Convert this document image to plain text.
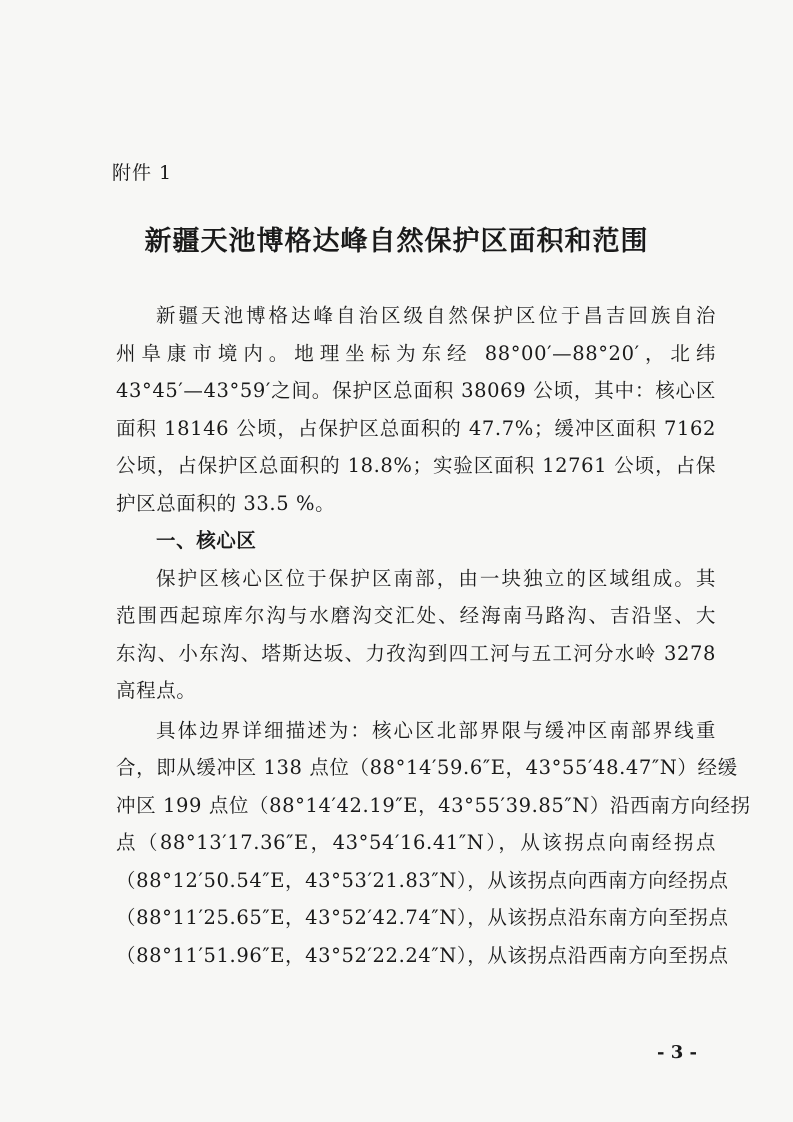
附件 1
新疆天池博格达峰自然保护区面积和范围
新疆天池博格达峰自治区级自然保护区位于昌吉回族自治
州阜康市境内。地理坐标为东经 88°00′—88°20′，北纬
43°45′—43°59′之间。保护区总面积 38069 公顷，其中：核心区
面积 18146 公顷，占保护区总面积的 47.7%；缓冲区面积 7162
公顷，占保护区总面积的 18.8%；实验区面积 12761 公顷，占保
护区总面积的 33.5 %。
一、核心区
保护区核心区位于保护区南部，由一块独立的区域组成。其
范围西起琼库尔沟与水磨沟交汇处、经海南马路沟、吉沿坚、大
东沟、小东沟、塔斯达坂、力孜沟到四工河与五工河分水岭 3278
高程点。
具体边界详细描述为：核心区北部界限与缓冲区南部界线重
合，即从缓冲区 138 点位（88°14′59.6″E，43°55′48.47″N）经缓
冲区 199 点位（88°14′42.19″E，43°55′39.85″N）沿西南方向经拐
点（88°13′17.36″E，43°54′16.41″N），从该拐点向南经拐点
（88°12′50.54″E，43°53′21.83″N），从该拐点向西南方向经拐点
（88°11′25.65″E，43°52′42.74″N），从该拐点沿东南方向至拐点
（88°11′51.96″E，43°52′22.24″N），从该拐点沿西南方向至拐点
- 3 -
